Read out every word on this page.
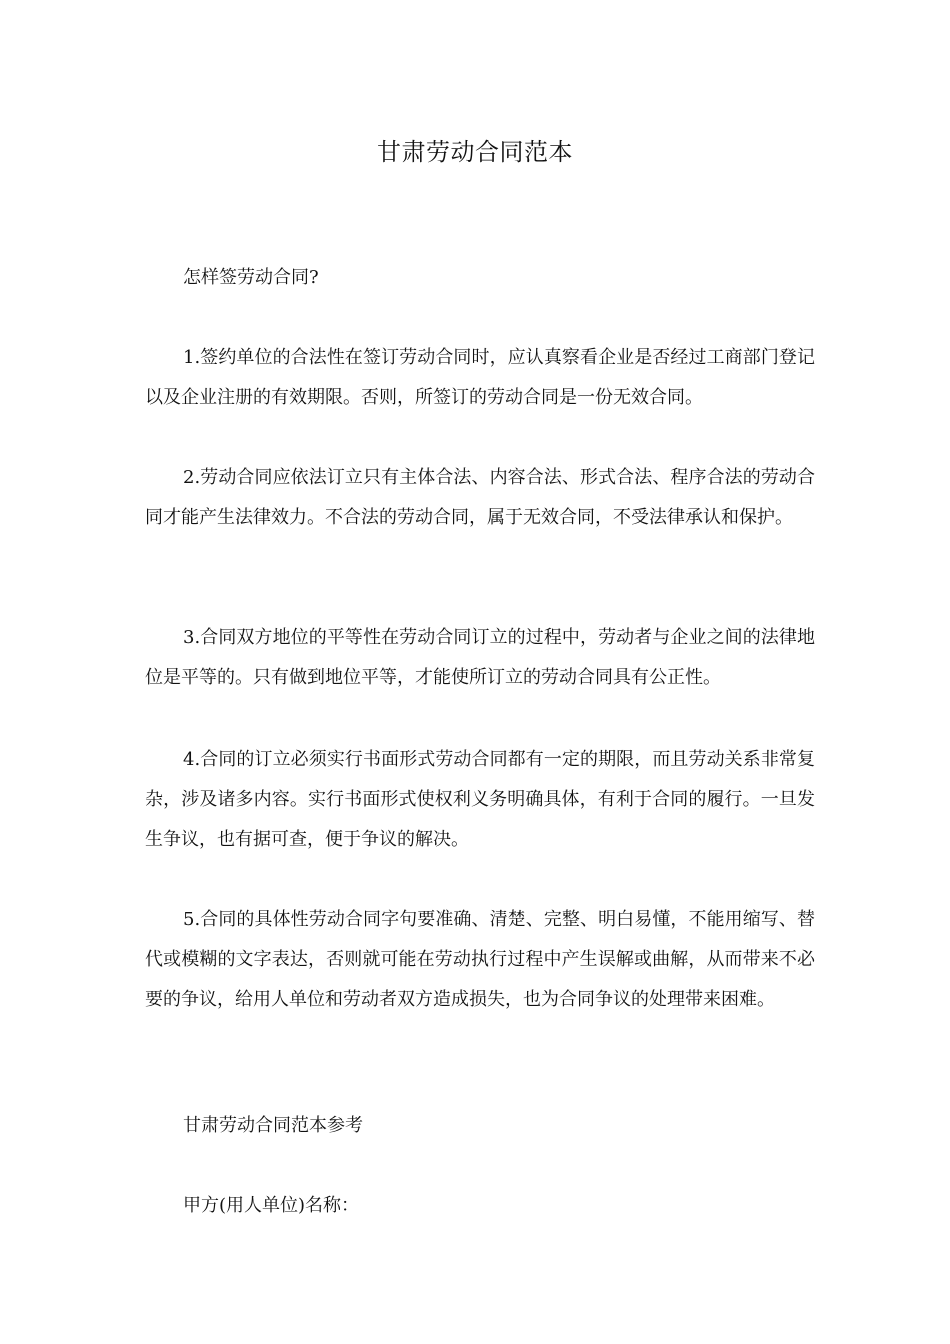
甘肃劳动合同范本

怎样签劳动合同?

1.签约单位的合法性在签订劳动合同时，应认真察看企业是否经过工商部门登记以及企业注册的有效期限。否则，所签订的劳动合同是一份无效合同。

2.劳动合同应依法订立只有主体合法、内容合法、形式合法、程序合法的劳动合同才能产生法律效力。不合法的劳动合同，属于无效合同，不受法律承认和保护。

3.合同双方地位的平等性在劳动合同订立的过程中，劳动者与企业之间的法律地位是平等的。只有做到地位平等，才能使所订立的劳动合同具有公正性。

4.合同的订立必须实行书面形式劳动合同都有一定的期限，而且劳动关系非常复杂，涉及诸多内容。实行书面形式使权利义务明确具体，有利于合同的履行。一旦发生争议，也有据可查，便于争议的解决。

5.合同的具体性劳动合同字句要准确、清楚、完整、明白易懂，不能用缩写、替代或模糊的文字表达，否则就可能在劳动执行过程中产生误解或曲解，从而带来不必要的争议，给用人单位和劳动者双方造成损失，也为合同争议的处理带来困难。

甘肃劳动合同范本参考

甲方(用人单位)名称：
